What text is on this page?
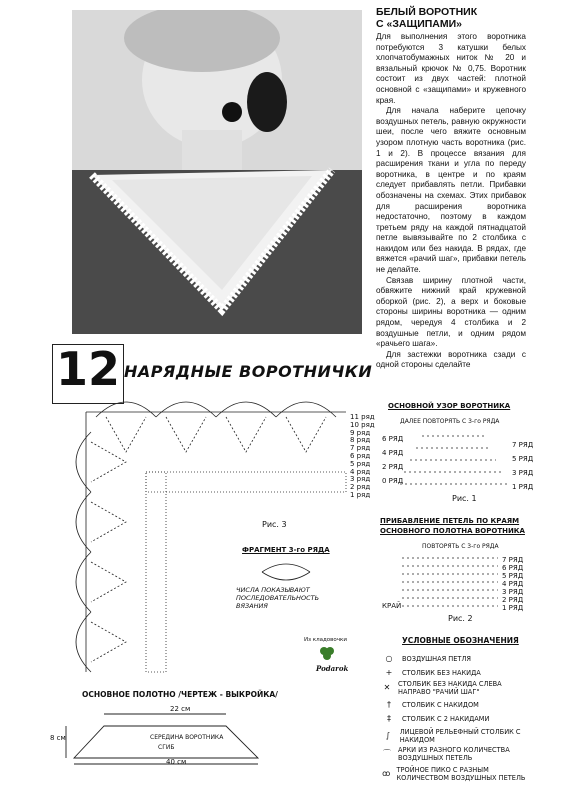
БЕЛЫЙ ВОРОТНИК
С «ЗАЩИПАМИ»

Для выполнения этого воротника потребуются 3 катушки белых хлопчатобумажных ниток № 20 и вязальный крючок № 0,75. Воротник состоит из двух частей: плотной основной с «защипами» и кружевного края.

Для начала наберите цепочку воздушных петель, равную окружности шеи, после чего вяжите основным узором плотную часть воротника (рис. 1 и 2). В процессе вязания для расширения ткани и угла по переду воротника, в центре и по краям следует прибавлять петли. Прибавки обозначены на схемах. Этих прибавок для расширения воротника недостаточно, поэтому в каждом третьем ряду на каждой пятнадцатой петле вывязывайте по 2 столбика с накидом или без накида. В рядах, где вяжется «рачий шаг», прибавки петель не делайте.

Связав ширину плотной части, обвяжите нижний край кружевной оборкой (рис. 2), а верх и боковые стороны ширины воротника — одним рядом, чередуя 4 столбика и 2 воздушные петли, и одним рядом «рачьего шага».

Для застежки воротника сзади с одной стороны сделайте

12 НАРЯДНЫЕ ВОРОТНИЧКИ
11 ряд
10 ряд
9 ряд
8 ряд
7 ряд
6 ряд
5 ряд
4 ряд
3 ряд
2 ряд
1 ряд
Рис. 3
ФРАГМЕНТ 3-го РЯДА
ЧИСЛА ПОКАЗЫВАЮТ ПОСЛЕДОВАТЕЛЬНОСТЬ ВЯЗАНИЯ
Из кладовочки
Podarok
ОСНОВНОЕ ПОЛОТНО /ЧЕРТЕЖ - ВЫКРОЙКА/
22 см
8 см	СЕРЕДИНА ВОРОТНИКА
СГИБ
40 см
ОСНОВНОЙ УЗОР ВОРОТНИКА
ДАЛЕЕ ПОВТОРЯТЬ С 3-го РЯДА
6 РЯД
4 РЯД
2 РЯД
0 РЯД
7 РЯД
5 РЯД
3 РЯД
1 РЯД
Рис. 1
ПРИБАВЛЕНИЕ ПЕТЕЛЬ ПО КРАЯМ ОСНОВНОГО ПОЛОТНА ВОРОТНИКА
ПОВТОРЯТЬ С 3-го РЯДА
7 РЯД
6 РЯД
5 РЯД
4 РЯД
3 РЯД
2 РЯД
1 РЯД
КРАЙ
Рис. 2
УСЛОВНЫЕ ОБОЗНАЧЕНИЯ
○	ВОЗДУШНАЯ ПЕТЛЯ
+	СТОЛБИК БЕЗ НАКИДА
✕ СТОЛБИК БЕЗ НАКИДА СЛЕВА НАПРАВО "РАЧИЙ ШАГ"
†	СТОЛБИК С НАКИДОМ
‡	СТОЛБИК С 2 НАКИДАМИ
∫	ЛИЦЕВОЙ РЕЛЬЕФНЫЙ СТОЛБИК С НАКИДОМ
⌒ АРКИ ИЗ РАЗНОГО КОЛИЧЕСТВА ВОЗДУШНЫХ ПЕТЕЛЬ
ꝏ ТРОЙНОЕ ПИКО С РАЗНЫМ КОЛИЧЕСТВОМ ВОЗДУШНЫХ ПЕТЕЛЬ
